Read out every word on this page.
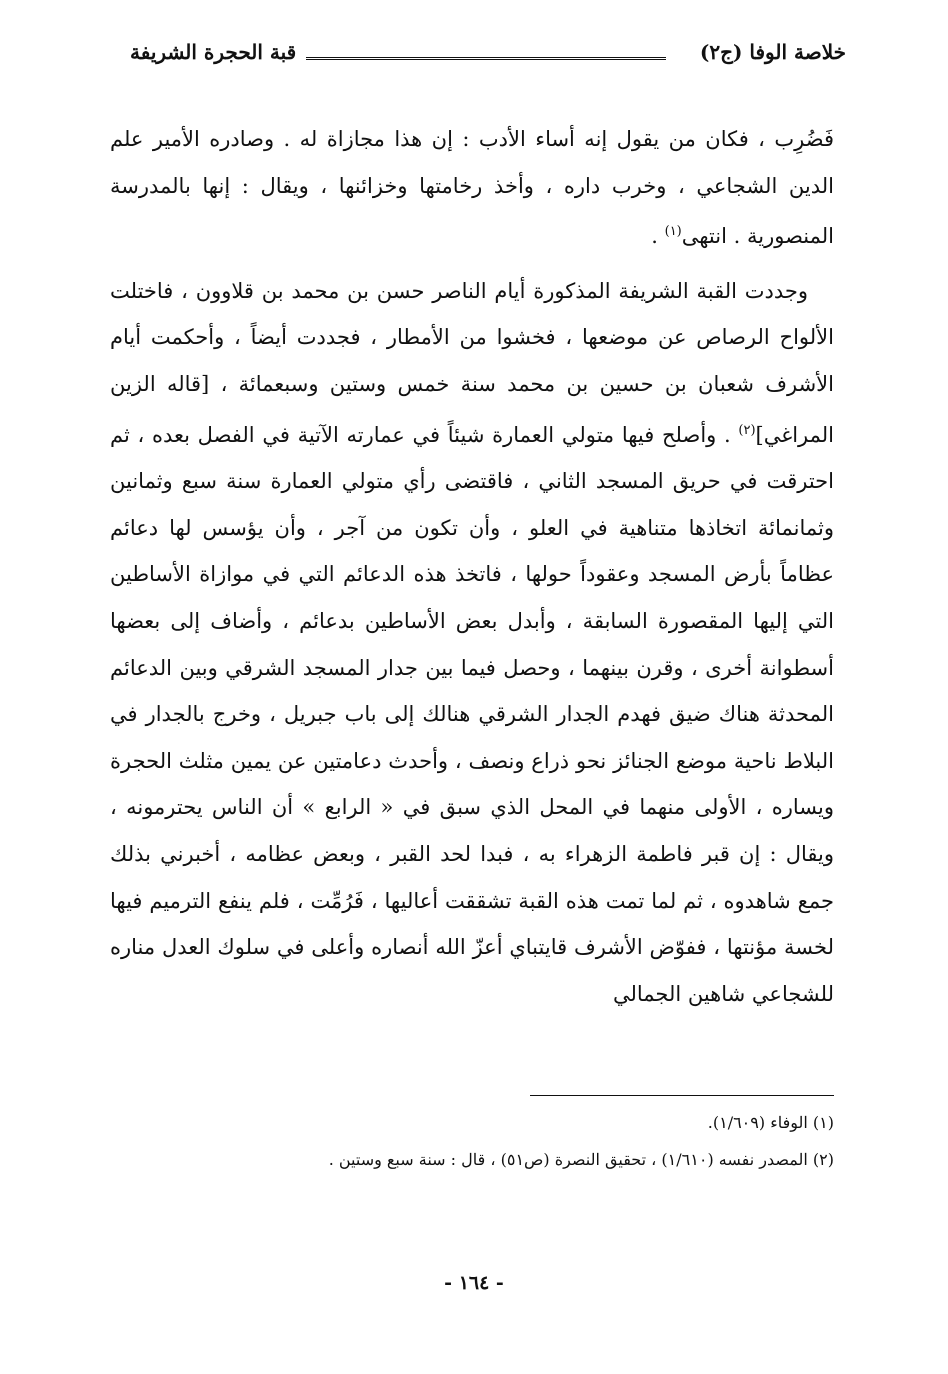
خلاصة الوفا (ج٢)
قبة الحجرة الشريفة

فَضُرِب ، فكان من يقول إنه أساء الأدب : إن هذا مجازاة له . وصادره الأمير علم الدين الشجاعي ، وخرب داره ، وأخذ رخامتها وخزائنها ، ويقال : إنها بالمدرسة المنصورية . انتهى$^{(١)}$ .

وجددت القبة الشريفة المذكورة أيام الناصر حسن بن محمد بن قلاوون ، فاختلت الألواح الرصاص عن موضعها ، فخشوا من الأمطار ، فجددت أيضاً ، وأحكمت أيام الأشرف شعبان بن حسين بن محمد سنة خمس وستين وسبعمائة ، [قاله الزين المراغي]$^{(٢)}$ . وأصلح فيها متولي العمارة شيئاً في عمارته الآتية في الفصل بعده ، ثم احترقت في حريق المسجد الثاني ، فاقتضى رأي متولي العمارة سنة سبع وثمانين وثمانمائة اتخاذها متناهية في العلو ، وأن تكون من آجر ، وأن يؤسس لها دعائم عظاماً بأرض المسجد وعقوداً حولها ، فاتخذ هذه الدعائم التي في موازاة الأساطين التي إليها المقصورة السابقة ، وأبدل بعض الأساطين بدعائم ، وأضاف إلى بعضها أسطوانة أخرى ، وقرن بينهما ، وحصل فيما بين جدار المسجد الشرقي وبين الدعائم المحدثة هناك ضيق فهدم الجدار الشرقي هنالك إلى باب جبريل ، وخرج بالجدار في البلاط ناحية موضع الجنائز نحو ذراع ونصف ، وأحدث دعامتين عن يمين مثلث الحجرة ويساره ، الأولى منهما في المحل الذي سبق في « الرابع » أن الناس يحترمونه ، ويقال : إن قبر فاطمة الزهراء به ، فبدا لحد القبر ، وبعض عظامه ، أخبرني بذلك جمع شاهدوه ، ثم لما تمت هذه القبة تشققت أعاليها ، فَرُمِّت ، فلم ينفع الترميم فيها لخسة مؤنتها ، ففوّض الأشرف قايتباي أعزّ الله أنصاره وأعلى في سلوك العدل مناره للشجاعي شاهين الجمالي

(١) الوفاء (١/٦٠٩).

(٢) المصدر نفسه (١/٦١٠) ، تحقيق النصرة (ص٥١) ، قال : سنة سبع وستين .

- ١٦٤ -
